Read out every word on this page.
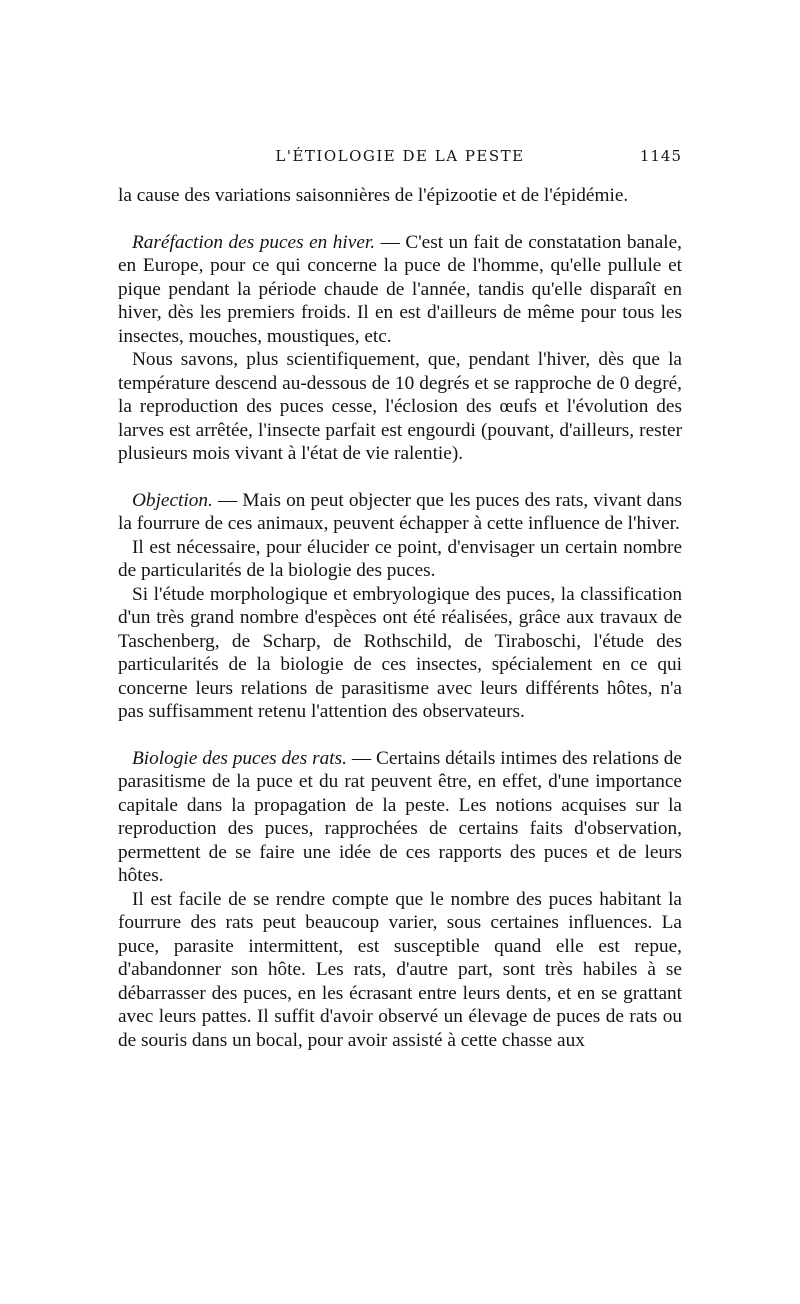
L'ÉTIOLOGIE DE LA PESTE	1145

la cause des variations saisonnières de l'épizootie et de l'épidémie.

Raréfaction des puces en hiver. — C'est un fait de constatation banale, en Europe, pour ce qui concerne la puce de l'homme, qu'elle pullule et pique pendant la période chaude de l'année, tandis qu'elle disparaît en hiver, dès les premiers froids. Il en est d'ailleurs de même pour tous les insectes, mouches, moustiques, etc.

Nous savons, plus scientifiquement, que, pendant l'hiver, dès que la température descend au-dessous de 10 degrés et se rapproche de 0 degré, la reproduction des puces cesse, l'éclosion des œufs et l'évolution des larves est arrêtée, l'insecte parfait est engourdi (pouvant, d'ailleurs, rester plusieurs mois vivant à l'état de vie ralentie).

Objection. — Mais on peut objecter que les puces des rats, vivant dans la fourrure de ces animaux, peuvent échapper à cette influence de l'hiver.

Il est nécessaire, pour élucider ce point, d'envisager un certain nombre de particularités de la biologie des puces.

Si l'étude morphologique et embryologique des puces, la classification d'un très grand nombre d'espèces ont été réalisées, grâce aux travaux de Taschenberg, de Scharp, de Rothschild, de Tiraboschi, l'étude des particularités de la biologie de ces insectes, spécialement en ce qui concerne leurs relations de parasitisme avec leurs différents hôtes, n'a pas suffisamment retenu l'attention des observateurs.

Biologie des puces des rats. — Certains détails intimes des relations de parasitisme de la puce et du rat peuvent être, en effet, d'une importance capitale dans la propagation de la peste. Les notions acquises sur la reproduction des puces, rapprochées de certains faits d'observation, permettent de se faire une idée de ces rapports des puces et de leurs hôtes.

Il est facile de se rendre compte que le nombre des puces habitant la fourrure des rats peut beaucoup varier, sous certaines influences. La puce, parasite intermittent, est susceptible quand elle est repue, d'abandonner son hôte. Les rats, d'autre part, sont très habiles à se débarrasser des puces, en les écrasant entre leurs dents, et en se grattant avec leurs pattes. Il suffit d'avoir observé un élevage de puces de rats ou de souris dans un bocal, pour avoir assisté à cette chasse aux
